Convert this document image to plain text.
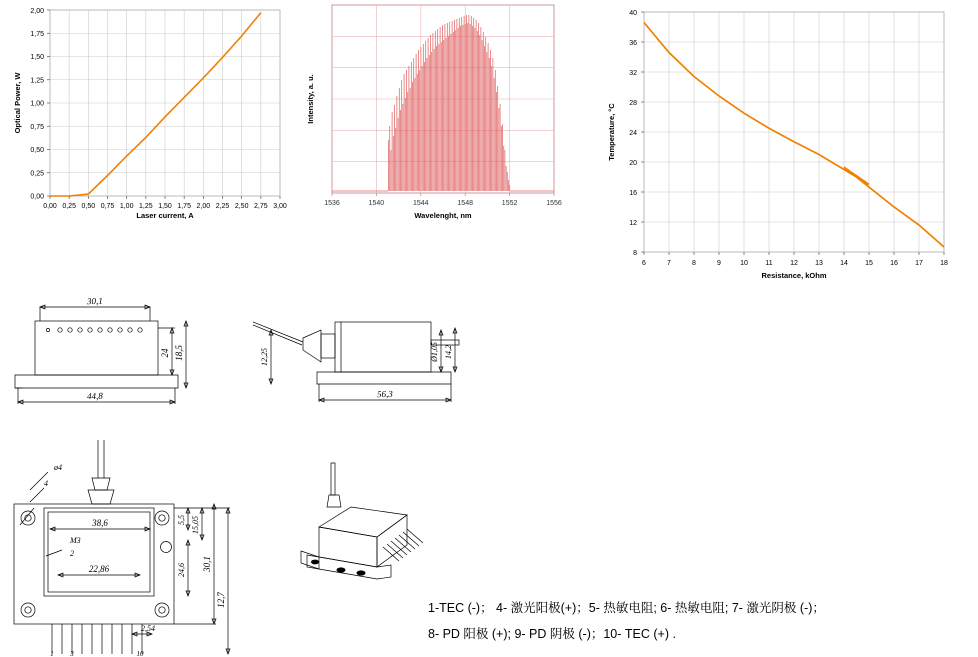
0,00 0,25 0,50 0,75 1,00 1,25 1,50 1,75 2,00 2,25 2,50 2,75 3,00
0,00
0,25
0,50
0,75
1,00
1,25
1,50
1,75
2,00
Laser current, A
Optical Power, W
1536	1540	1544	1548	1552	1556
Wavelenght, nm
Intensity, a. u.
6	7	8	9	10 11 12 13 14 15 16 17 18
8
12
16
20
24
28
32
36
40
Resistance, kOhm
Temperature, °C
30,1
24 18,5
44,8
12,25	Ø1,05 14,2
56,3
ø4
4
M3
2
38,6
22,86
5,5 15,05
24,6 30,1
12,7
2,54
1 3	10
1-TEC (-)； 4- 激光阳极(+)；5- 热敏电阻; 6- 热敏电阻; 7- 激光阴极 (-)；
8- PD 阳极 (+); 9- PD 阴极 (-)；10- TEC (+) .
